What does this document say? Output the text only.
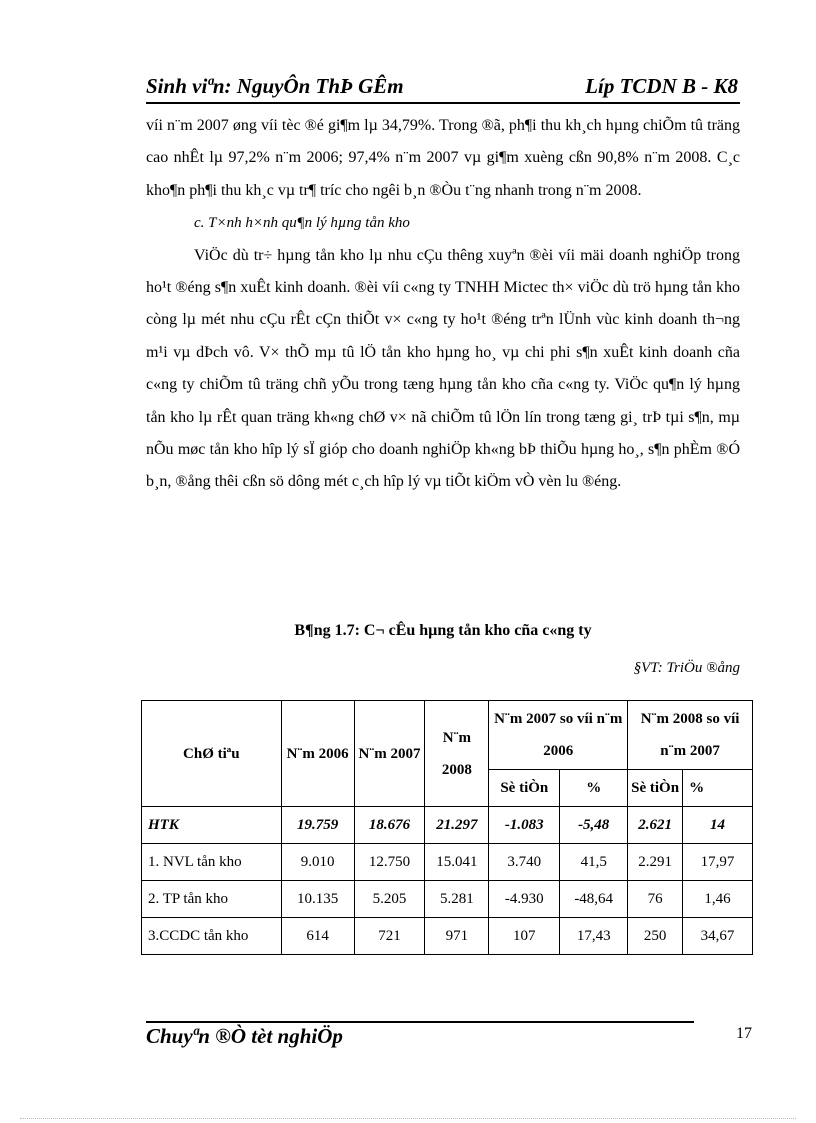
Sinh viªn: NguyÔn ThÞ GÊm	Líp TCDN B - K8

víi n¨m 2007 øng víi tèc ®é gi¶m lµ 34,79%. Trong ®ã, ph¶i thu kh¸ch hµng chiÕm tû träng cao nhÊt lµ 97,2% n¨m 2006; 97,4% n¨m 2007 vµ gi¶m xuèng cßn 90,8% n¨m 2008. C¸c kho¶n ph¶i thu kh¸c vµ tr¶ tríc cho ngêi b¸n ®Òu t¨ng nhanh trong n¨m 2008.

c. T×nh h×nh qu¶n lý hµng tån kho

ViÖc dù tr÷ hµng tån kho lµ nhu cÇu thêng xuyªn ®èi víi mäi doanh nghiÖp trong ho¹t ®éng s¶n xuÊt kinh doanh. ®èi víi c«ng ty TNHH Mictec th× viÖc dù trö hµng tån kho còng lµ mét nhu cÇu rÊt cÇn thiÕt v× c«ng ty ho¹t ®éng trªn lÜnh vùc kinh doanh th¬ng m¹i vµ dÞch vô. V× thÕ mµ tû lÖ tån kho hµng ho¸ vµ chi phi s¶n xuÊt kinh doanh cña c«ng ty chiÕm tû träng chñ yÕu trong tæng hµng tån kho cña c«ng ty. ViÖc qu¶n lý hµng tån kho lµ rÊt quan träng kh«ng chØ v× nã chiÕm tû lÖn lín trong tæng gi¸ trÞ tµi s¶n, mµ nÕu møc tån kho hîp lý sÏ gióp cho doanh nghiÖp kh«ng bÞ thiÕu hµng ho¸, s¶n phÈm ®Ó b¸n, ®ång thêi cßn sö dông mét c¸ch hîp lý vµ tiÕt kiÖm vÒ vèn lu ®éng.

B¶ng 1.7: C¬ cÊu hµng tån kho cña c«ng ty
§VT: TriÖu ®ång
ChØ tiªu	N¨m 2006	N¨m 2007	N¨m 2008	N¨m 2007 so víi n¨m 2006		N¨m 2008 so víi n¨m 2007	
				Sè tiÒn	%	Sè tiÒn	%
HTK	19.759	18.676	21.297	-1.083	-5,48	2.621	14
1. NVL tån kho	9.010	12.750	15.041	3.740	41,5	2.291	17,97
2. TP tån kho	10.135	5.205	5.281	-4.930	-48,64	76	1,46
3.CCDC tån kho	614	721	971	107	17,43	250	34,67
Chuyªn ®Ò tèt nghiÖp	17
